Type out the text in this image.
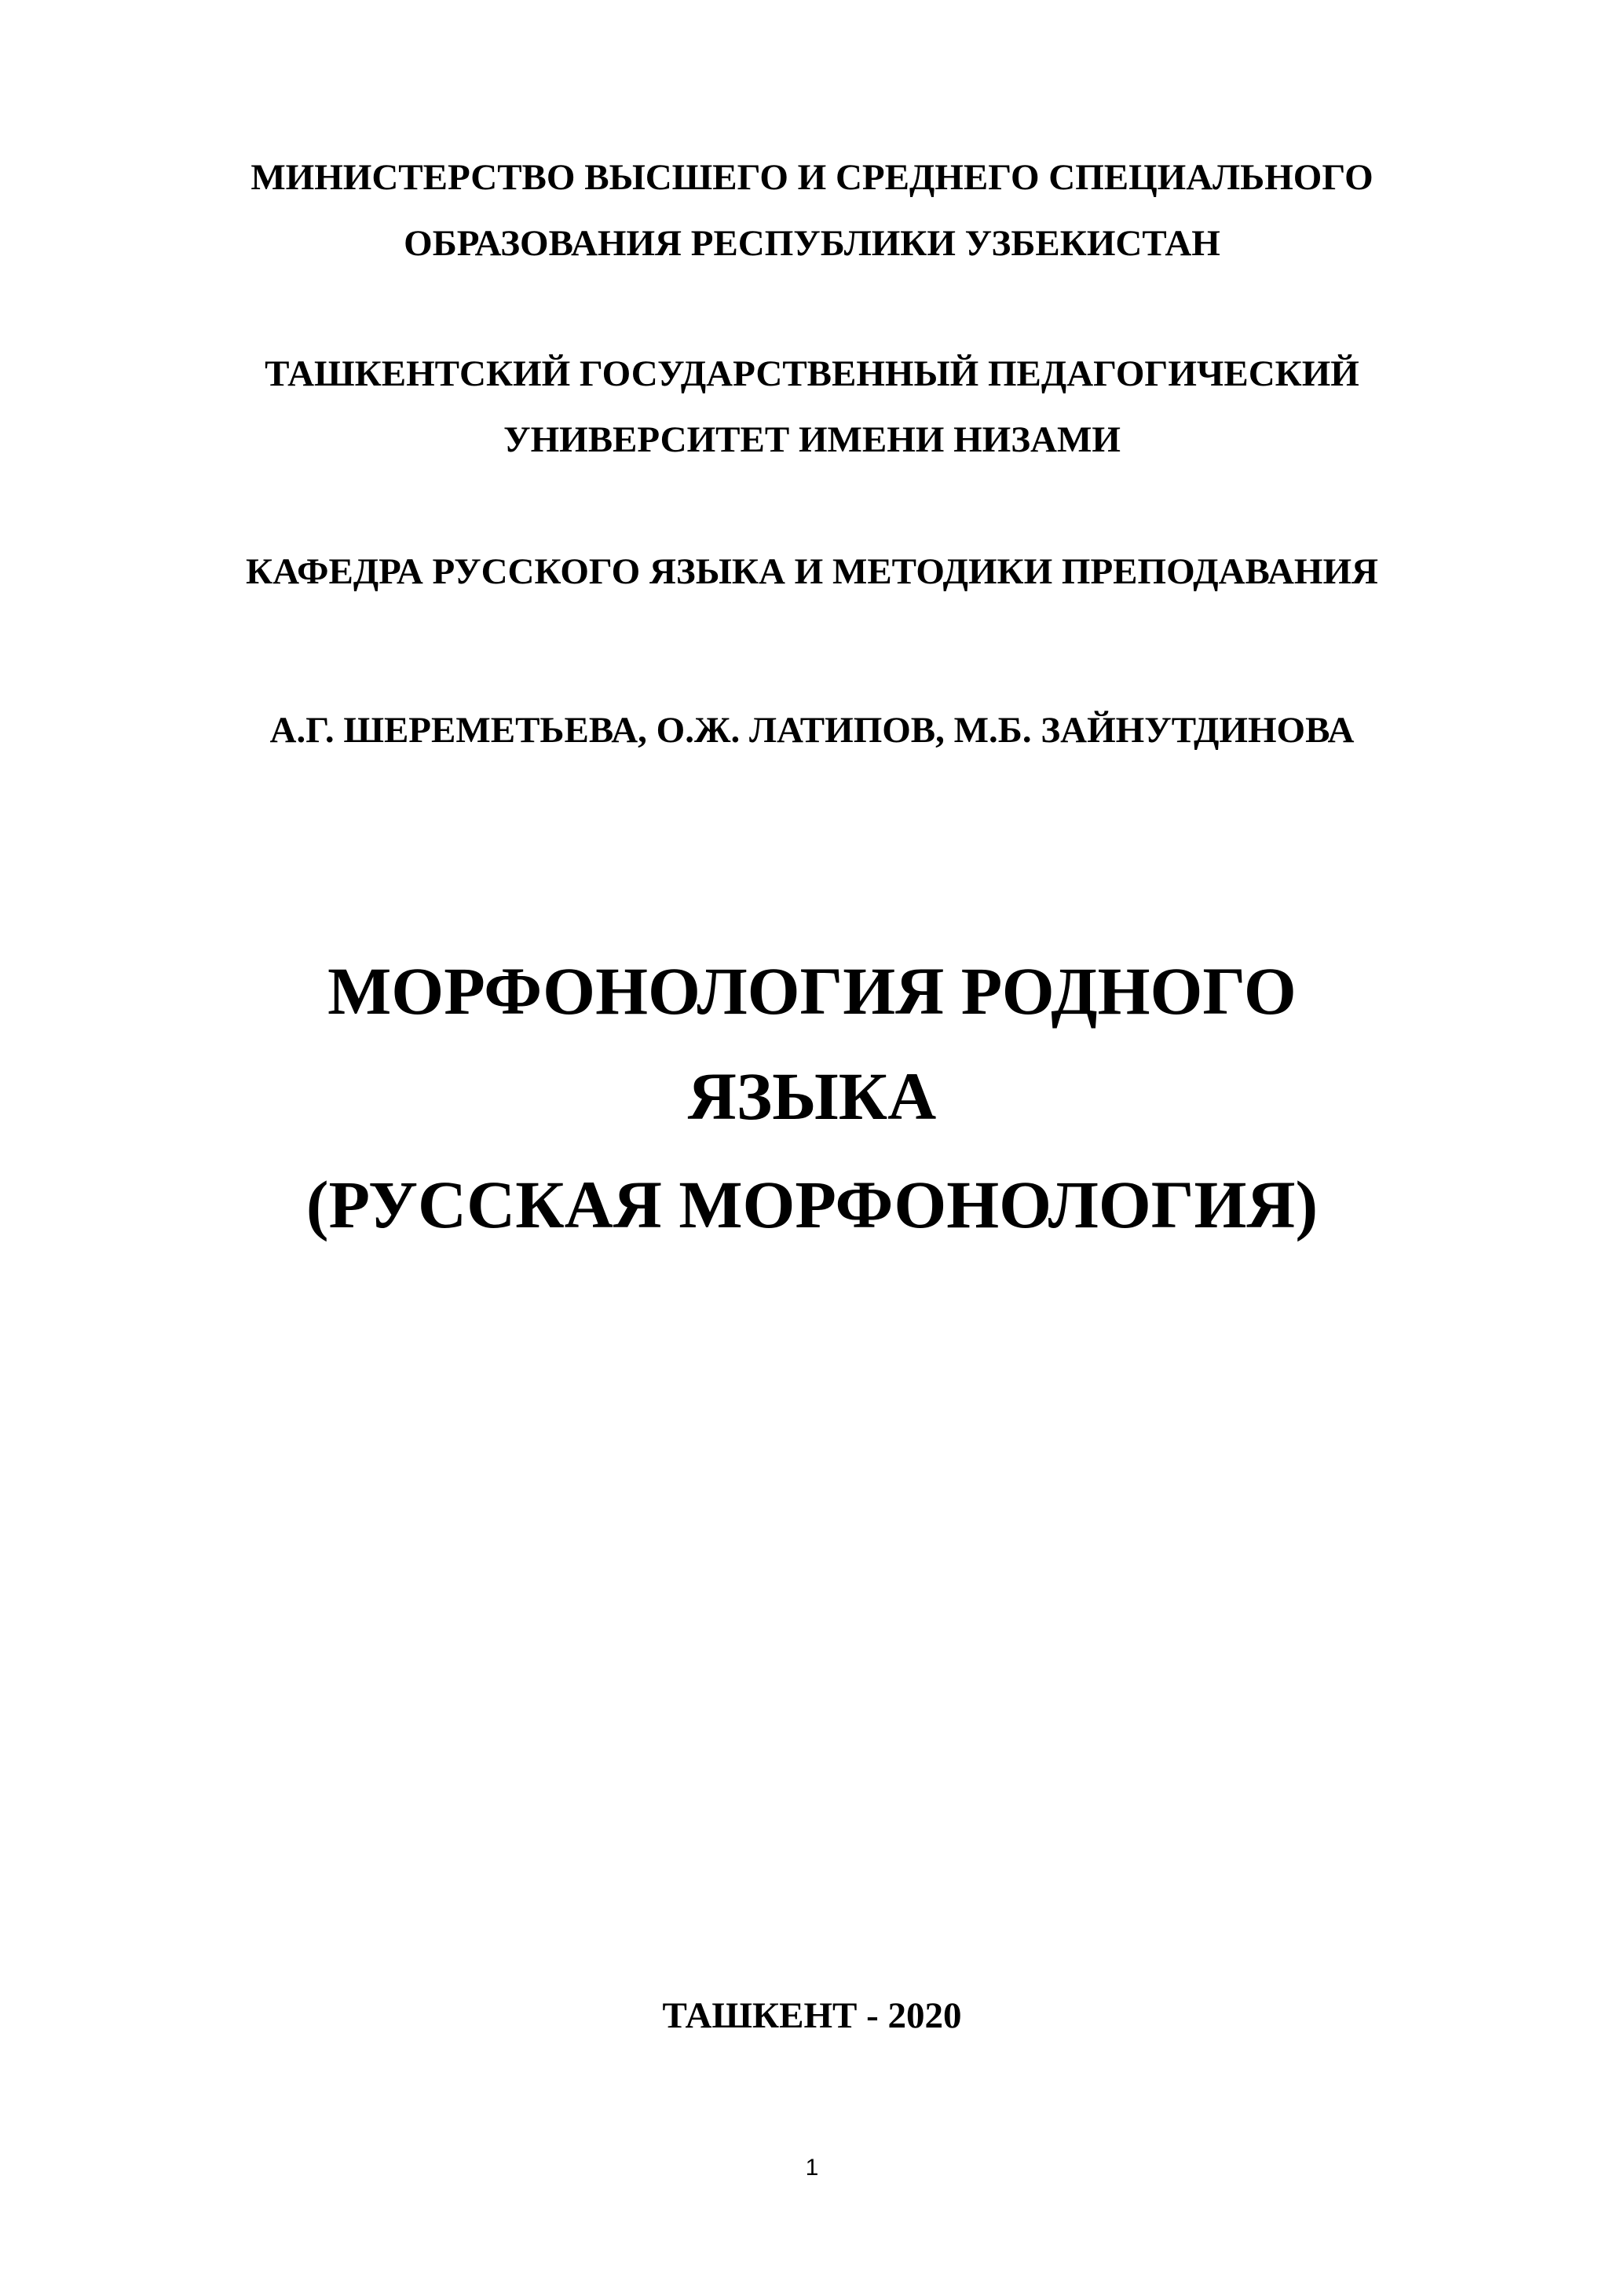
МИНИСТЕРСТВО ВЫСШЕГО И СРЕДНЕГО СПЕЦИАЛЬНОГО
ОБРАЗОВАНИЯ РЕСПУБЛИКИ УЗБЕКИСТАН
ТАШКЕНТСКИЙ ГОСУДАРСТВЕННЫЙ ПЕДАГОГИЧЕСКИЙ
УНИВЕРСИТЕТ ИМЕНИ НИЗАМИ
КАФЕДРА РУССКОГО ЯЗЫКА И МЕТОДИКИ ПРЕПОДАВАНИЯ
А.Г. ШЕРЕМЕТЬЕВА, О.Ж. ЛАТИПОВ, М.Б. ЗАЙНУТДИНОВА
МОРФОНОЛОГИЯ РОДНОГО
ЯЗЫКА
(РУССКАЯ МОРФОНОЛОГИЯ)
ТАШКЕНТ - 2020
1
